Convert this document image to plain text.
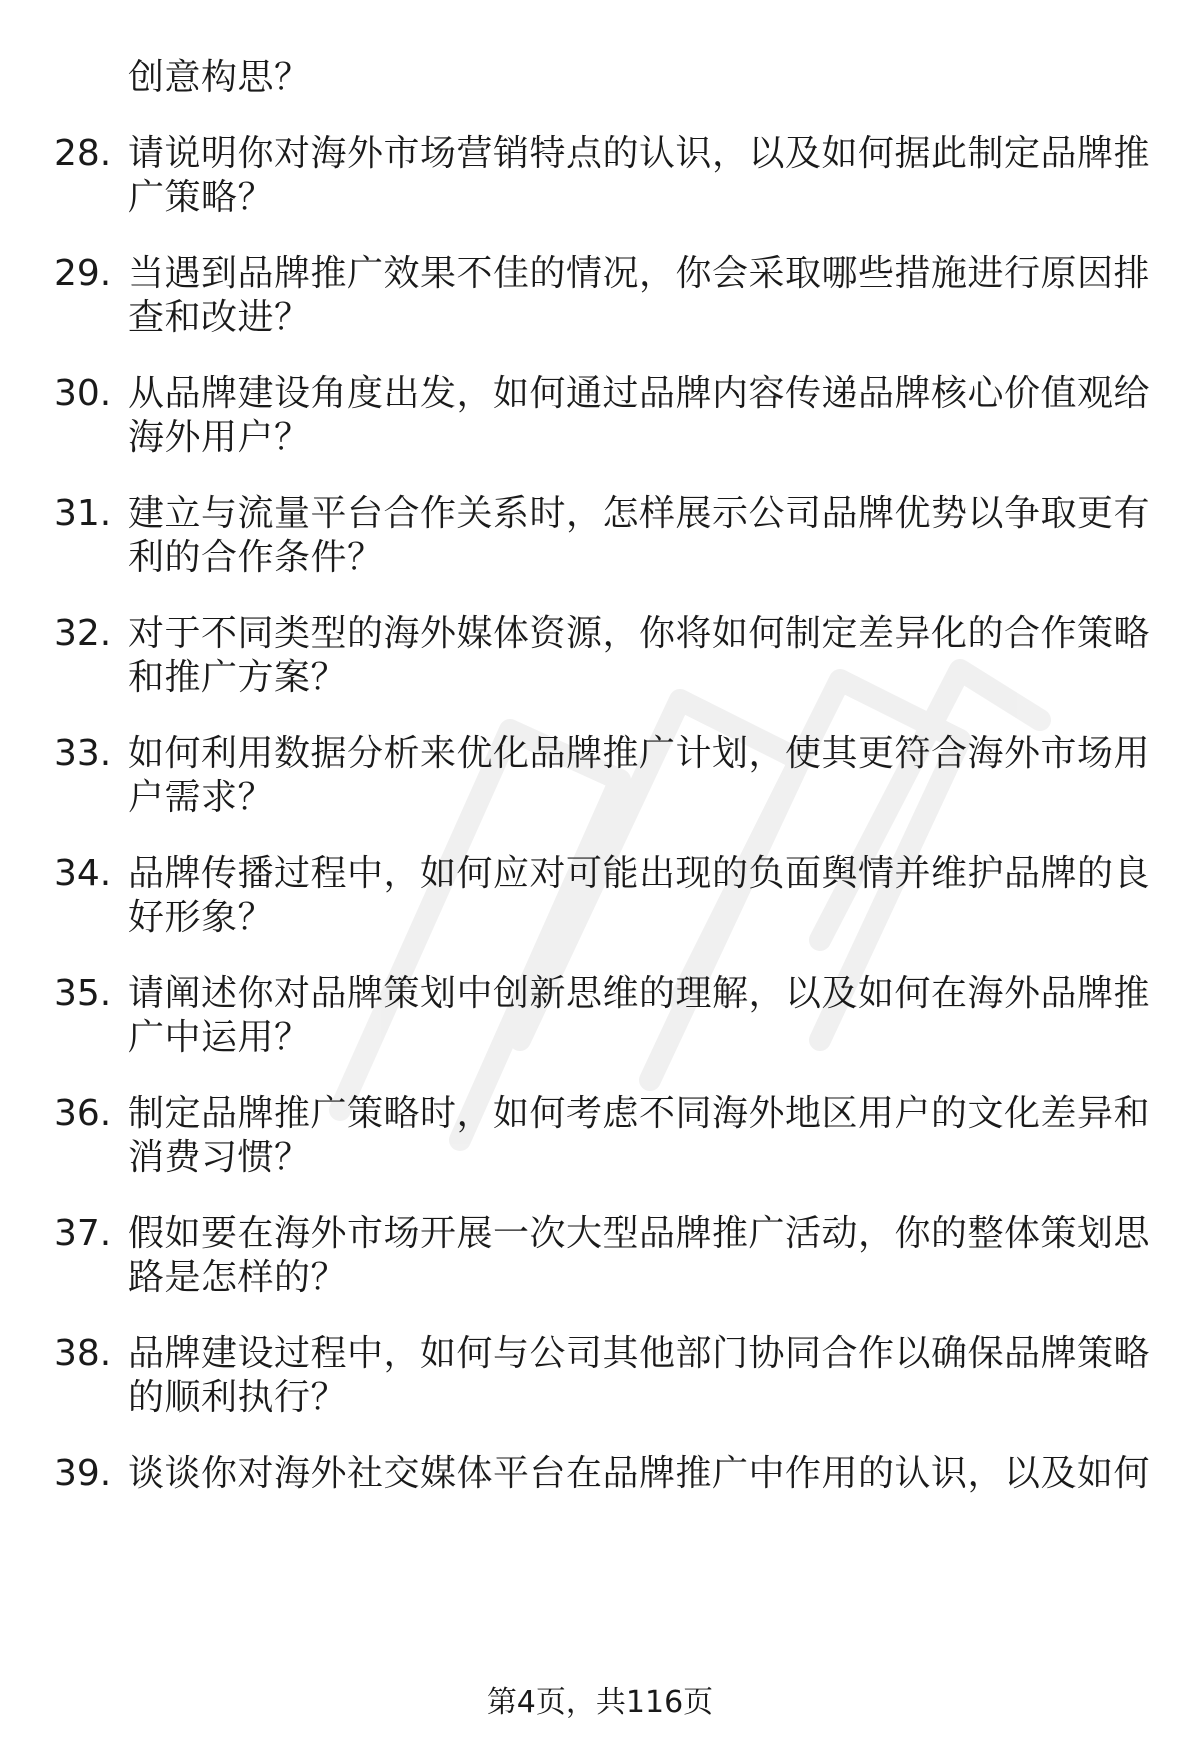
创意构思？
28. 请说明你对海外市场营销特点的认识，以及如何据此制定品牌推
广策略？
29. 当遇到品牌推广效果不佳的情况，你会采取哪些措施进行原因排
查和改进？
30. 从品牌建设角度出发，如何通过品牌内容传递品牌核心价值观给
海外用户？
31. 建立与流量平台合作关系时，怎样展示公司品牌优势以争取更有
利的合作条件？
32. 对于不同类型的海外媒体资源，你将如何制定差异化的合作策略
和推广方案？
33. 如何利用数据分析来优化品牌推广计划，使其更符合海外市场用
户需求？
34. 品牌传播过程中，如何应对可能出现的负面舆情并维护品牌的良
好形象？
35. 请阐述你对品牌策划中创新思维的理解，以及如何在海外品牌推
广中运用？
36. 制定品牌推广策略时，如何考虑不同海外地区用户的文化差异和
消费习惯？
37. 假如要在海外市场开展一次大型品牌推广活动，你的整体策划思
路是怎样的？
38. 品牌建设过程中，如何与公司其他部门协同合作以确保品牌策略
的顺利执行？
39. 谈谈你对海外社交媒体平台在品牌推广中作用的认识，以及如何
第4页，共116页
